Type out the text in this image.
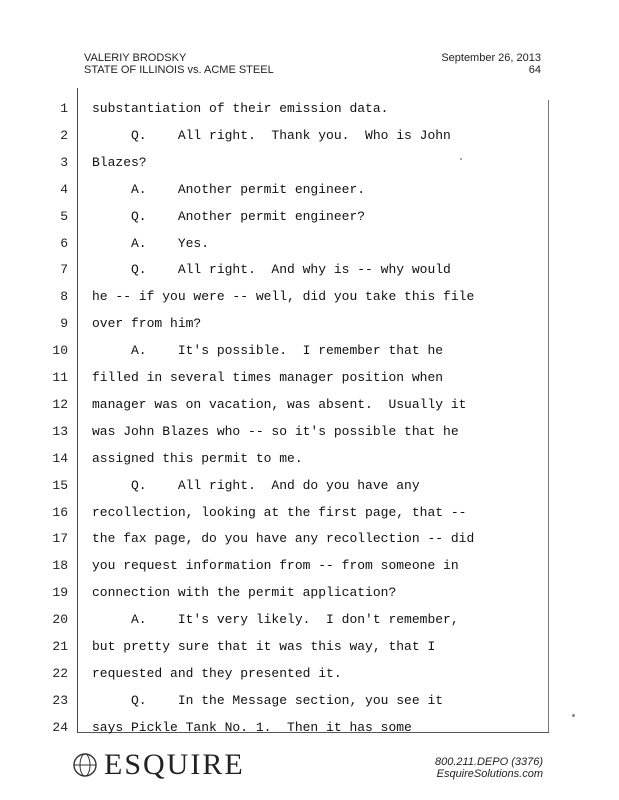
VALERIY BRODSKY
STATE OF ILLINOIS vs. ACME STEEL
September 26, 2013
64
1 substantiation of their emission data.
2 Q.    All right.  Thank you.  Who is John
3 Blazes?
4 A.    Another permit engineer.
5 Q.    Another permit engineer?
6 A.    Yes.
7 Q.    All right.  And why is -- why would
8 he -- if you were -- well, did you take this file
9 over from him?
10 A.    It's possible.  I remember that he
11 filled in several times manager position when
12 manager was on vacation, was absent.  Usually it
13 was John Blazes who -- so it's possible that he
14 assigned this permit to me.
15 Q.    All right.  And do you have any
16 recollection, looking at the first page, that --
17 the fax page, do you have any recollection -- did
18 you request information from -- from someone in
19 connection with the permit application?
20 A.    It's very likely.  I don't remember,
21 but pretty sure that it was this way, that I
22 requested and they presented it.
23 Q.    In the Message section, you see it
24 says Pickle Tank No. 1.  Then it has some
ESQUIRE	800.211.DEPO (3376)
EsquireSolutions.com
